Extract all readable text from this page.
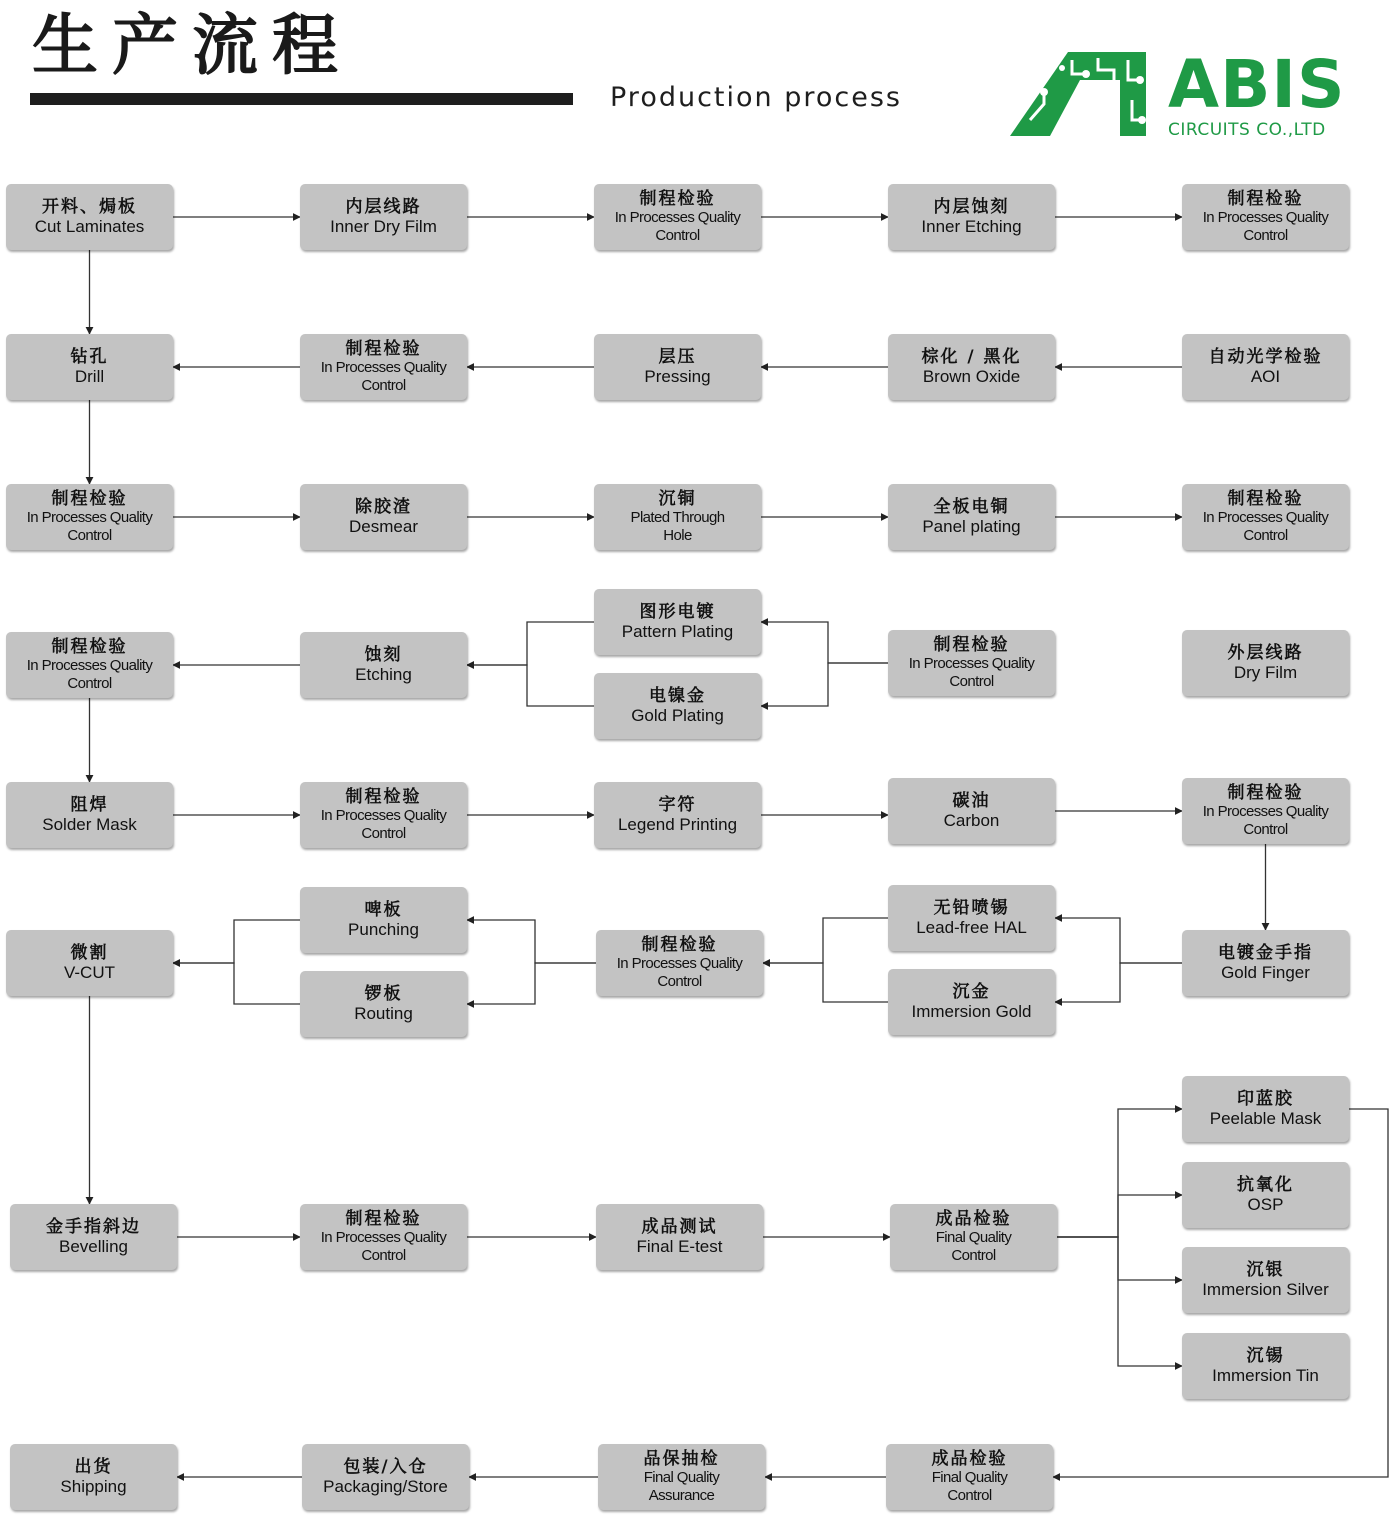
生产流程
Production process	ABIS
CIRCUITS CO.,LTD
开料、焗板
Cut Laminates
内层线路
Inner Dry Film
制程检验
In Processes Quality
Control
内层蚀刻
Inner Etching
制程检验
In Processes Quality
Control
钻孔
Drill
制程检验
In Processes Quality
Control
层压
Pressing
棕化 / 黑化
Brown Oxide
自动光学检验
AOI
制程检验
In Processes Quality
Control
除胶渣
Desmear
沉铜
Plated Through
Hole
全板电铜
Panel plating
制程检验
In Processes Quality
Control
制程检验
In Processes Quality
Control
蚀刻
Etching
图形电镀
Pattern Plating
电镍金
Gold Plating
制程检验
In Processes Quality
Control
外层线路
Dry Film
阻焊
Solder Mask
制程检验
In Processes Quality
Control
字符
Legend Printing
碳油
Carbon
制程检验
In Processes Quality
Control
微割
V-CUT
啤板
Punching
锣板
Routing
制程检验
In Processes Quality
Control
无铅喷锡
Lead-free HAL
沉金
Immersion Gold
电镀金手指
Gold Finger
印蓝胶
Peelable Mask
抗氧化
OSP
沉银
Immersion Silver
沉锡
Immersion Tin
金手指斜边
Bevelling
制程检验
In Processes Quality
Control
成品测试
Final E-test
成品检验
Final Quality
Control
出货
Shipping
包装/入仓
Packaging/Store
品保抽检
Final Quality
Assurance
成品检验
Final Quality
Control
